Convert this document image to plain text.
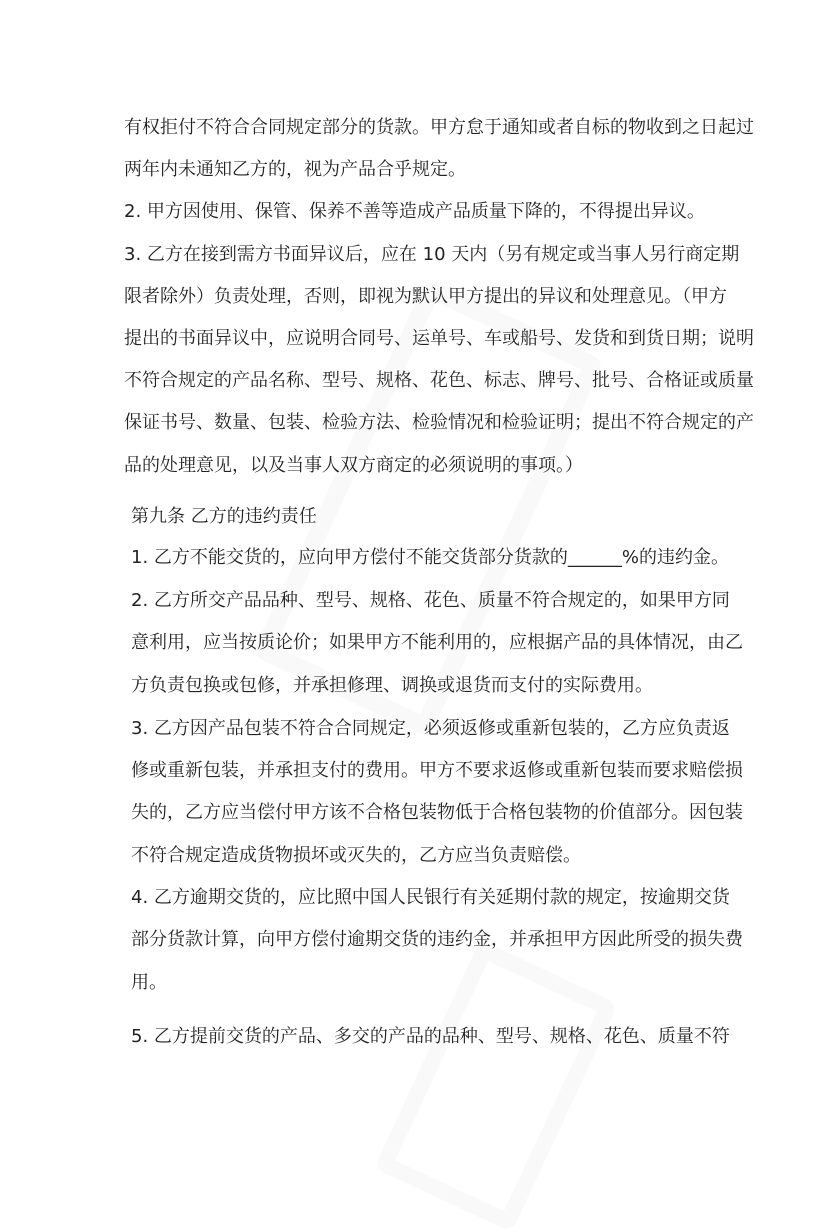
有权拒付不符合合同规定部分的货款。甲方怠于通知或者自标的物收到之日起过
两年内未通知乙方的，视为产品合乎规定。
2. 甲方因使用、保管、保养不善等造成产品质量下降的，不得提出异议。
3. 乙方在接到需方书面异议后，应在 10 天内（另有规定或当事人另行商定期
限者除外）负责处理，否则，即视为默认甲方提出的异议和处理意见。（甲方
提出的书面异议中，应说明合同号、运单号、车或船号、发货和到货日期；说明
不符合规定的产品名称、型号、规格、花色、标志、牌号、批号、合格证或质量
保证书号、数量、包装、检验方法、检验情况和检验证明；提出不符合规定的产
品的处理意见，以及当事人双方商定的必须说明的事项。）
第九条 乙方的违约责任
1. 乙方不能交货的，应向甲方偿付不能交货部分货款的______%的违约金。
2. 乙方所交产品品种、型号、规格、花色、质量不符合规定的，如果甲方同
意利用，应当按质论价；如果甲方不能利用的，应根据产品的具体情况，由乙
方负责包换或包修，并承担修理、调换或退货而支付的实际费用。
3. 乙方因产品包装不符合合同规定，必须返修或重新包装的，乙方应负责返
修或重新包装，并承担支付的费用。甲方不要求返修或重新包装而要求赔偿损
失的，乙方应当偿付甲方该不合格包装物低于合格包装物的价值部分。因包装
不符合规定造成货物损坏或灭失的，乙方应当负责赔偿。
4. 乙方逾期交货的，应比照中国人民银行有关延期付款的规定，按逾期交货
部分货款计算，向甲方偿付逾期交货的违约金，并承担甲方因此所受的损失费
用。
5. 乙方提前交货的产品、多交的产品的品种、型号、规格、花色、质量不符
